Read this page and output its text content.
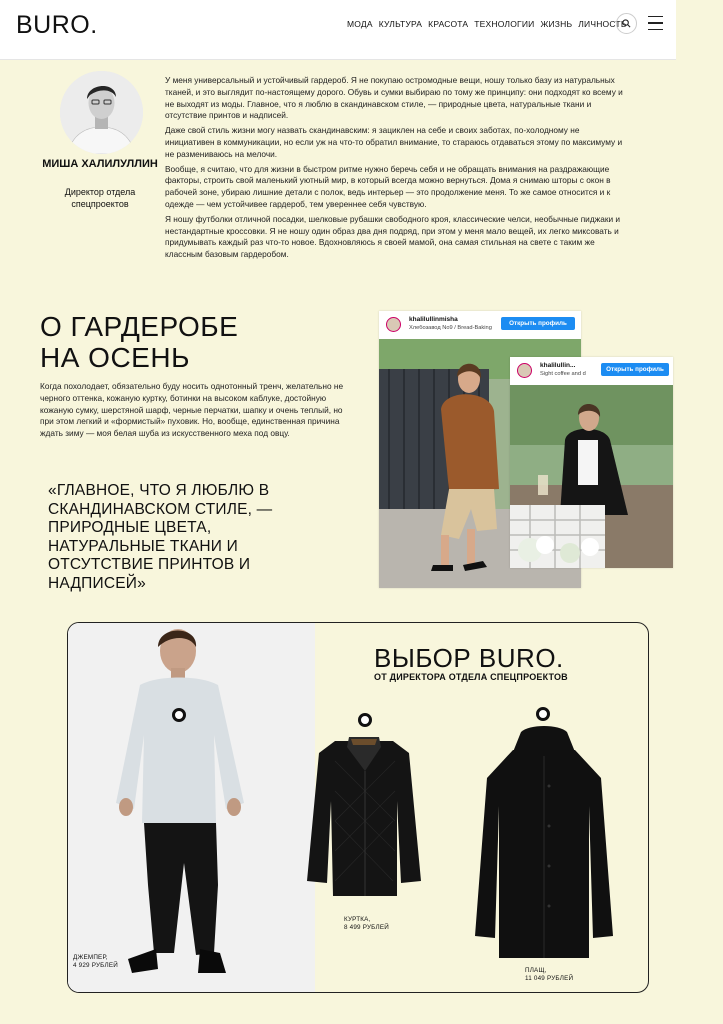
BURO.	МОДА КУЛЬТУРА КРАСОТА ТЕХНОЛОГИИ ЖИЗНЬ ЛИЧНОСТЬ
МИША ХАЛИЛУЛЛИН
Директор отдела спецпроектов

У меня универсальный и устойчивый гардероб. Я не покупаю остромодные вещи, ношу только базу из натуральных тканей, и это выглядит по-настоящему дорого. Обувь и сумки выбираю по тому же принципу: они подходят ко всему и не выходят из моды. Главное, что я люблю в скандинавском стиле, — природные цвета, натуральные ткани и отсутствие принтов и надписей.

Даже свой стиль жизни могу назвать скандинавским: я зациклен на себе и своих заботах, по-холодному не инициативен в коммуникации, но если уж на что-то обратил внимание, то стараюсь отдаваться этому по максимуму и не размениваюсь на мелочи.

Вообще, я считаю, что для жизни в быстром ритме нужно беречь себя и не обращать внимания на раздражающие факторы, строить свой маленький уютный мир, в который всегда можно вернуться. Дома я снимаю шторы с окон в рабочей зоне, убираю лишние детали с полок, ведь интерьер — это продолжение меня. То же самое относится и к одежде — чем устойчивее гардероб, тем увереннее себя чувствую.

Я ношу футболки отличной посадки, шелковые рубашки свободного кроя, классические челси, необычные пиджаки и нестандартные кроссовки. Я не ношу один образ два дня подряд, при этом у меня мало вещей, их легко миксовать и придумывать каждый раз что-то новое. Вдохновляюсь я своей мамой, она самая стильная на свете с таким же классным базовым гардеробом.

О ГАРДЕРОБЕ
НА ОСЕНЬ

Когда похолодает, обязательно буду носить однотонный тренч, желательно не черного оттенка, кожаную куртку, ботинки на высоком каблуке, достойную кожаную сумку, шерстяной шарф, черные перчатки, шапку и очень теплый, но при этом легкий и «формистый» пуховик. Но, вообще, единственная причина ждать зиму — моя белая шуба из искусственного меха под овцу.

«ГЛАВНОЕ, ЧТО Я ЛЮБЛЮ В СКАНДИНАВСКОМ СТИЛЕ, — ПРИРОДНЫЕ ЦВЕТА, НАТУРАЛЬНЫЕ ТКАНИ И ОТСУТСТВИЕ ПРИНТОВ И НАДПИСЕЙ»

khalilullinmisha
Хлебозавод No9 / Bread-Baking
Открыть профиль
khalilullin...
Sight coffee and d
Открыть профиль
ВЫБОР BURO.
ОТ ДИРЕКТОРА ОТДЕЛА СПЕЦПРОЕКТОВ
ДЖЕМПЕР,
4 929 РУБЛЕЙ
КУРТКА,
8 499 РУБЛЕЙ
ПЛАЩ,
11 049 РУБЛЕЙ
